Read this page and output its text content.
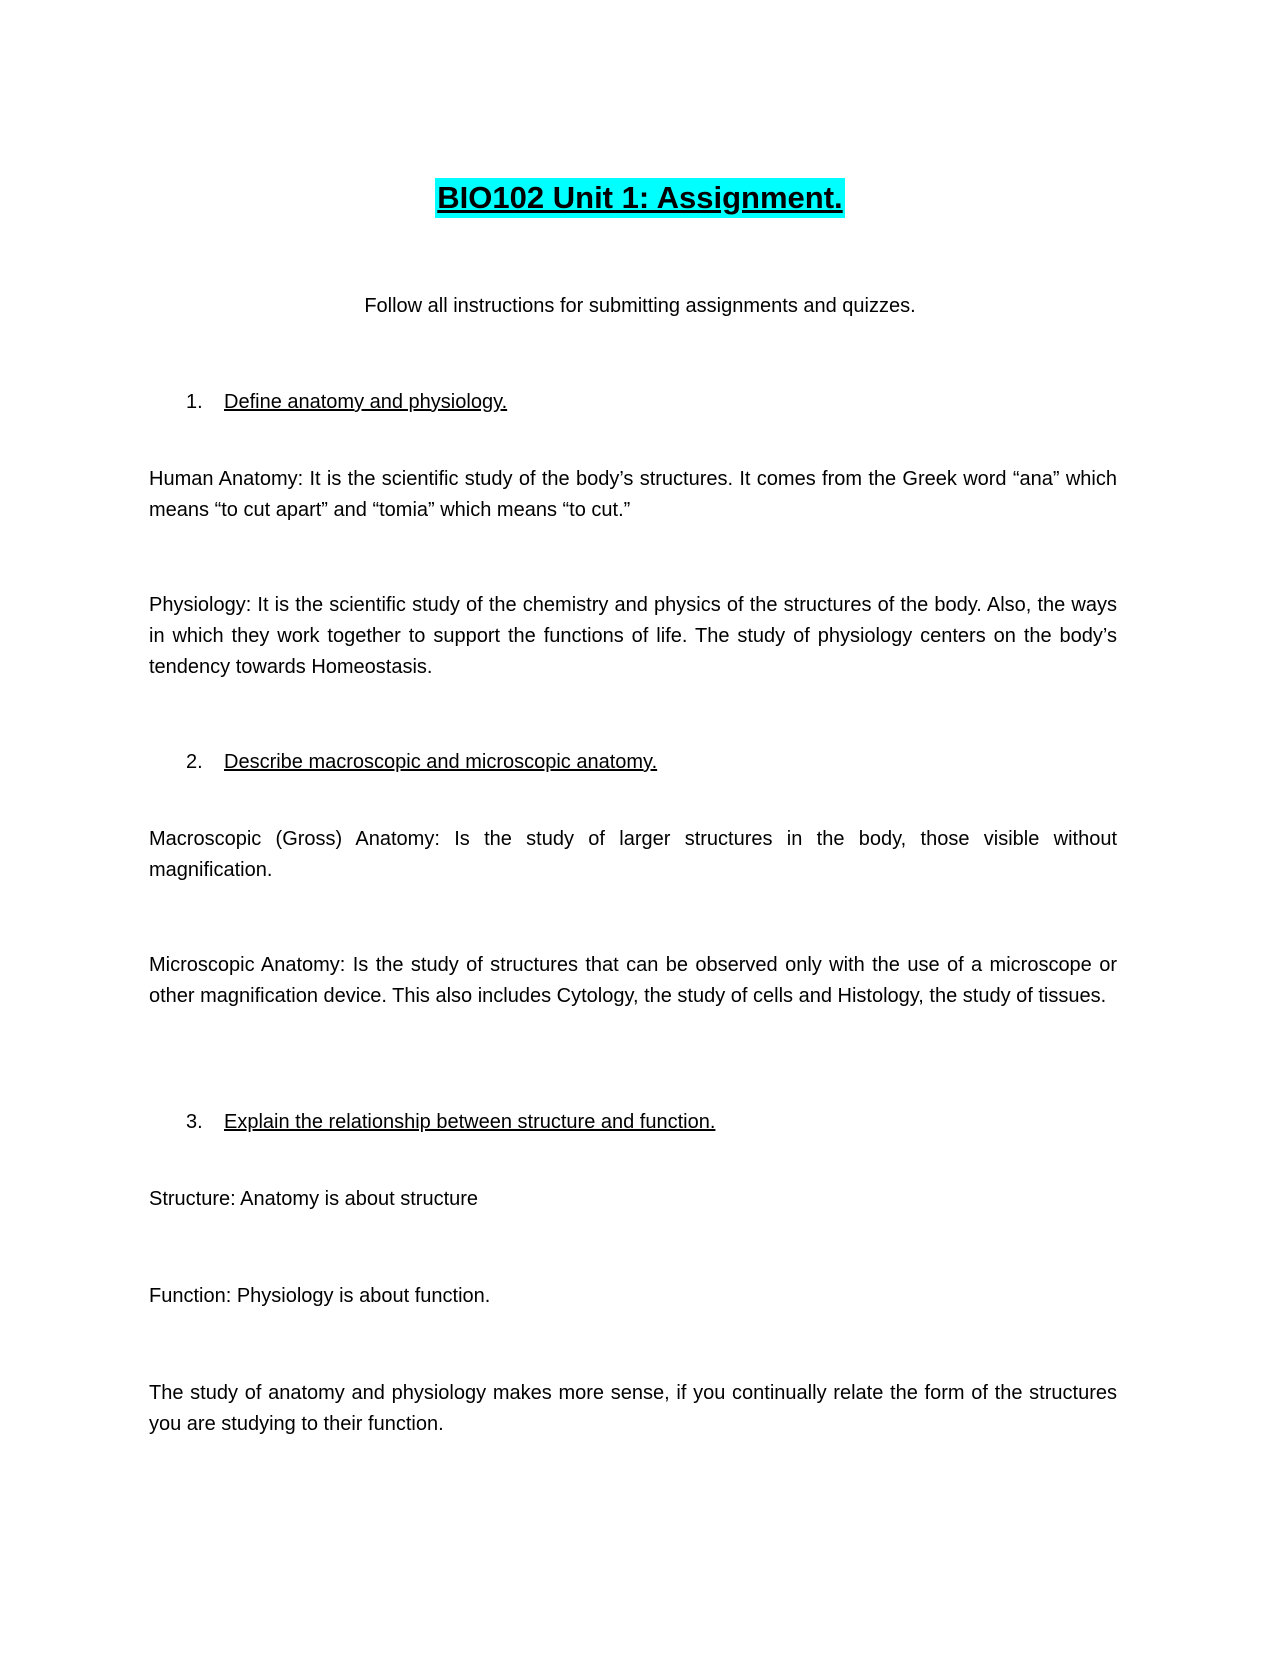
BIO102 Unit 1: Assignment.
Follow all instructions for submitting assignments and quizzes.
1. Define anatomy and physiology.
Human Anatomy: It is the scientific study of the body’s structures. It comes from the Greek word “ana” which means “to cut apart” and “tomia” which means “to cut.”
Physiology: It is the scientific study of the chemistry and physics of the structures of the body. Also, the ways in which they work together to support the functions of life. The study of physiology centers on the body’s tendency towards Homeostasis.
2. Describe macroscopic and microscopic anatomy.
Macroscopic (Gross) Anatomy: Is the study of larger structures in the body, those visible without magnification.
Microscopic Anatomy: Is the study of structures that can be observed only with the use of a microscope or other magnification device. This also includes Cytology, the study of cells and Histology, the study of tissues.
3. Explain the relationship between structure and function.
Structure: Anatomy is about structure
Function: Physiology is about function.
The study of anatomy and physiology makes more sense, if you continually relate the form of the structures you are studying to their function.
